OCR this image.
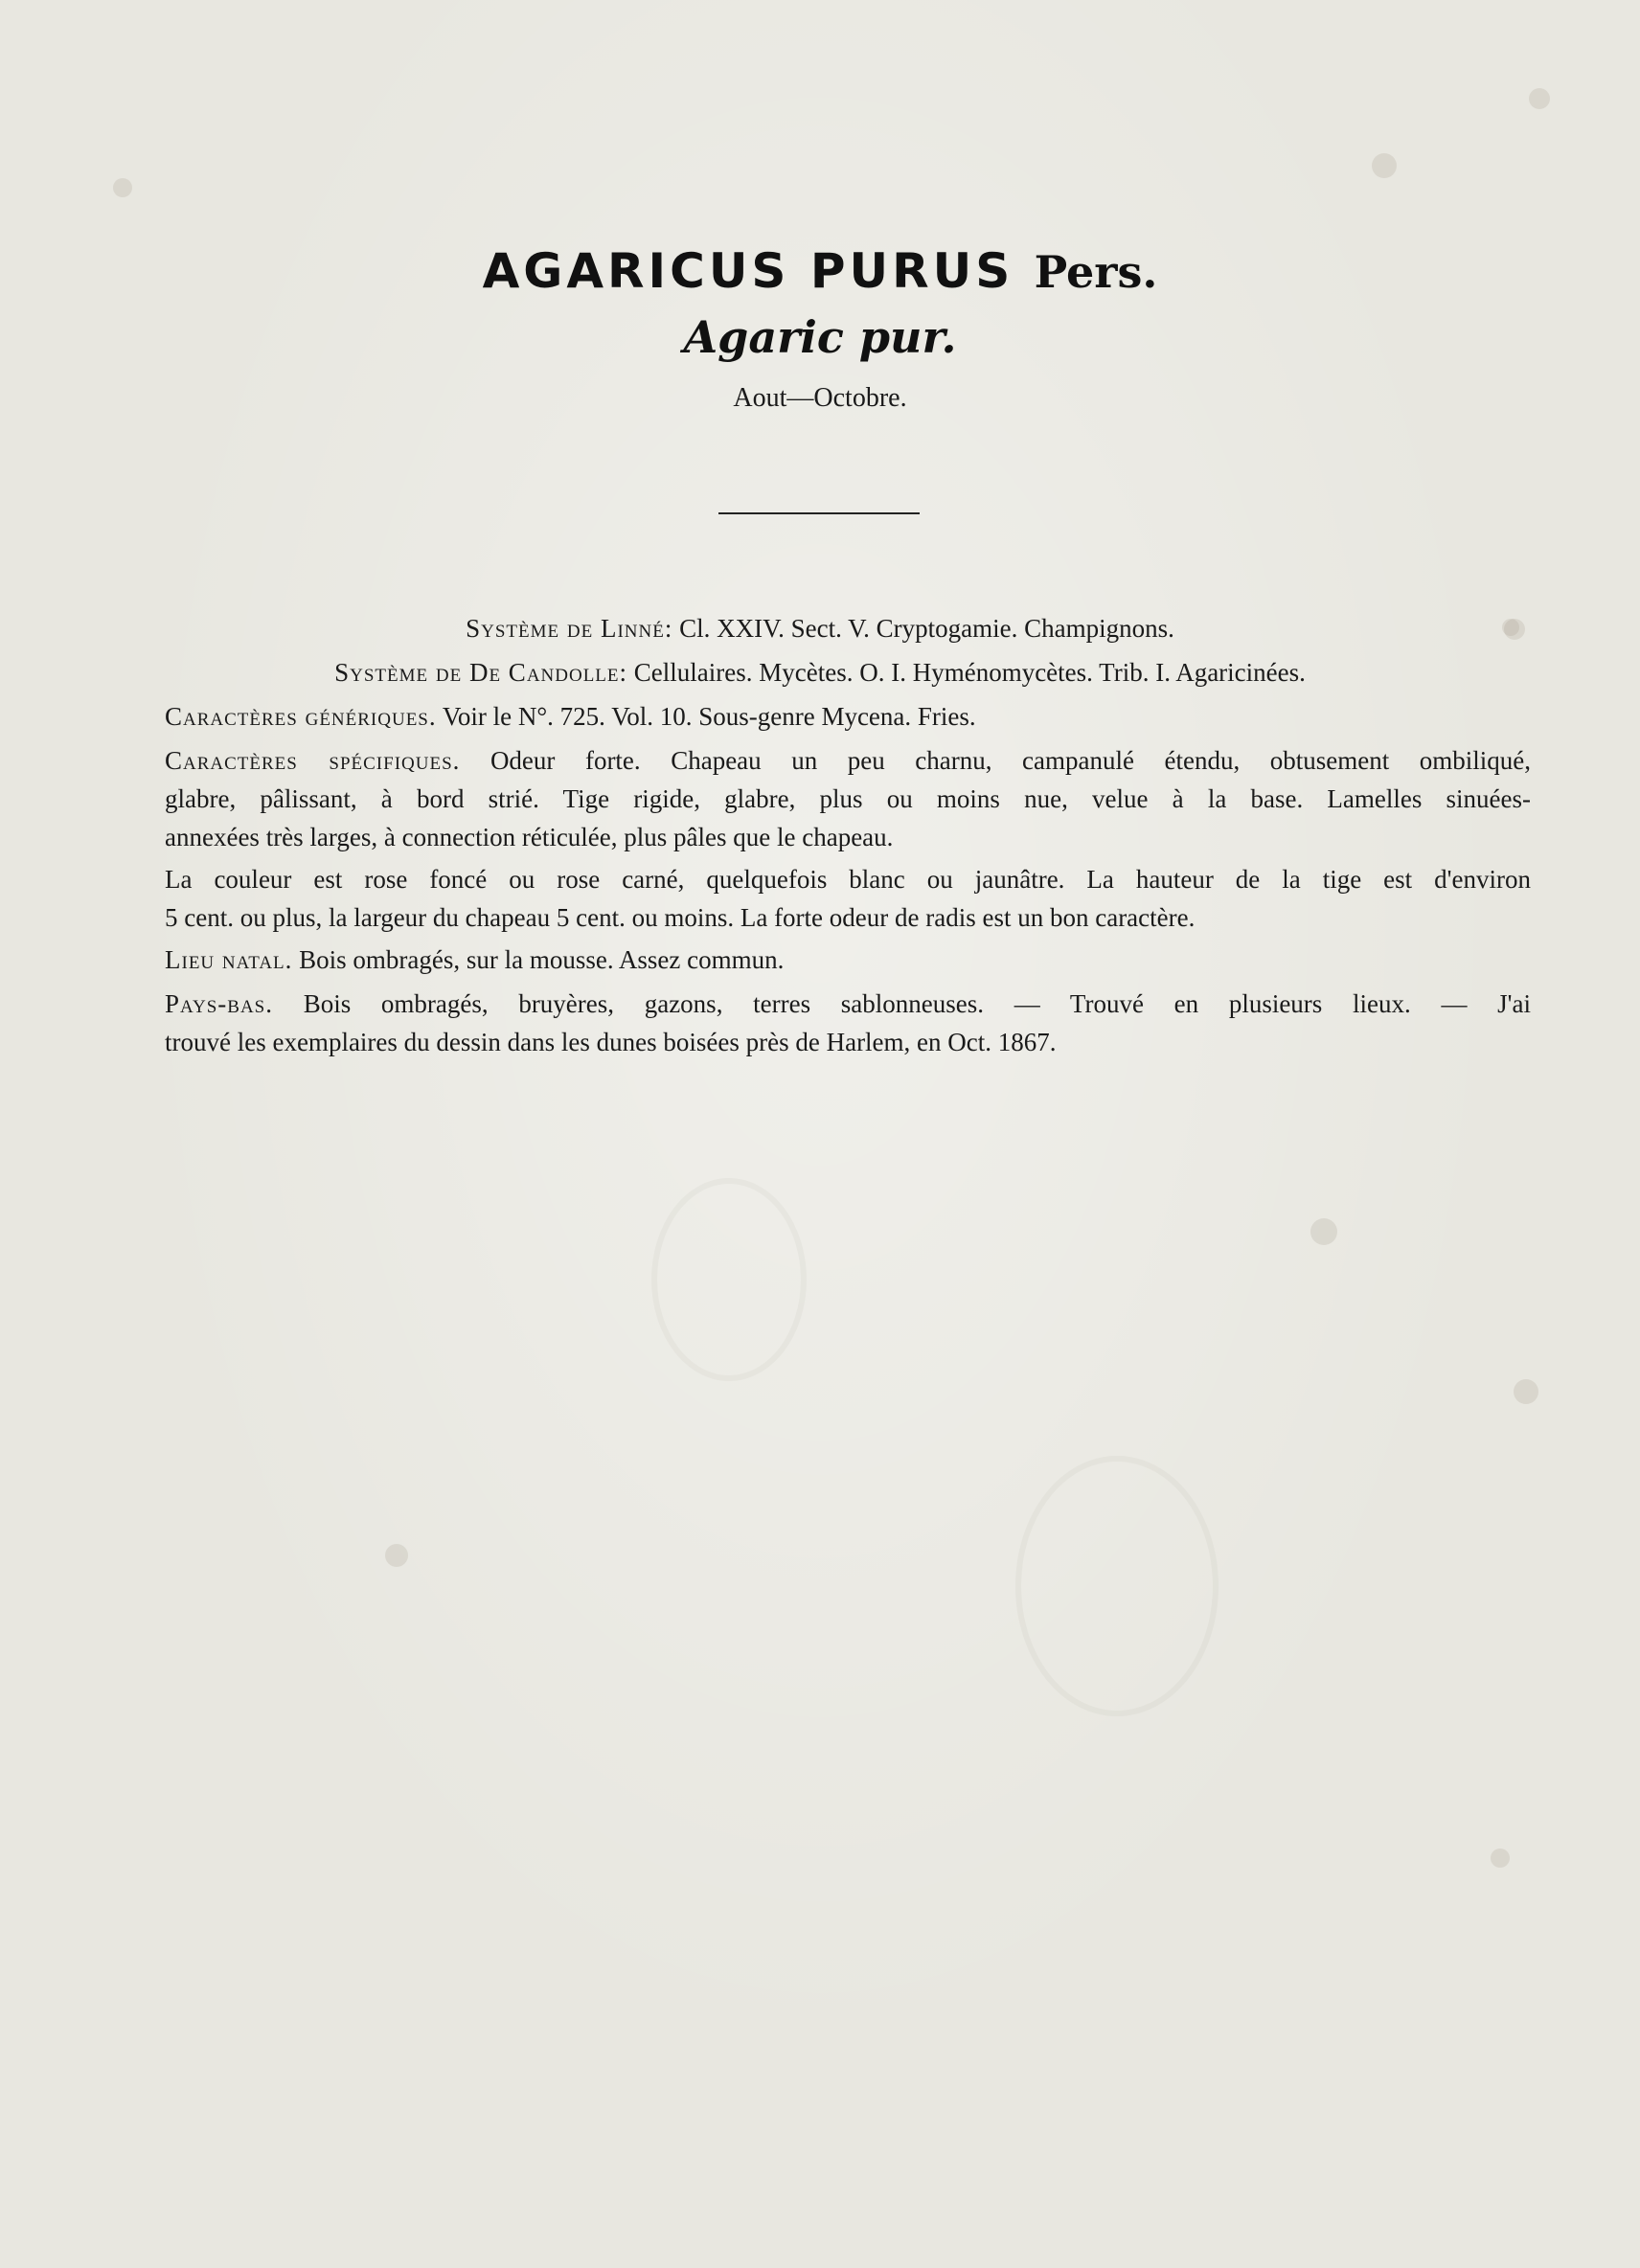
AGARICUS PURUS Pers.
Agaric pur.
Aout—Octobre.
Système de Linné: Cl. XXIV. Sect. V. Cryptogamie. Champignons.
Système de De Candolle: Cellulaires. Mycètes. O. I. Hyménomycètes. Trib. I. Agaricinées.
Caractères génériques. Voir le N°. 725. Vol. 10. Sous-genre Mycena. Fries.
Caractères spécifiques. Odeur forte. Chapeau un peu charnu, campanulé étendu, obtusement ombiliqué,
glabre, pâlissant, à bord strié. Tige rigide, glabre, plus ou moins nue, velue à la base. Lamelles sinuées-
annexées très larges, à connection réticulée, plus pâles que le chapeau.
La couleur est rose foncé ou rose carné, quelquefois blanc ou jaunâtre. La hauteur de la tige est d'environ
5 cent. ou plus, la largeur du chapeau 5 cent. ou moins. La forte odeur de radis est un bon caractère.
Lieu natal. Bois ombragés, sur la mousse. Assez commun.
Pays-bas. Bois ombragés, bruyères, gazons, terres sablonneuses. — Trouvé en plusieurs lieux. — J'ai
trouvé les exemplaires du dessin dans les dunes boisées près de Harlem, en Oct. 1867.
